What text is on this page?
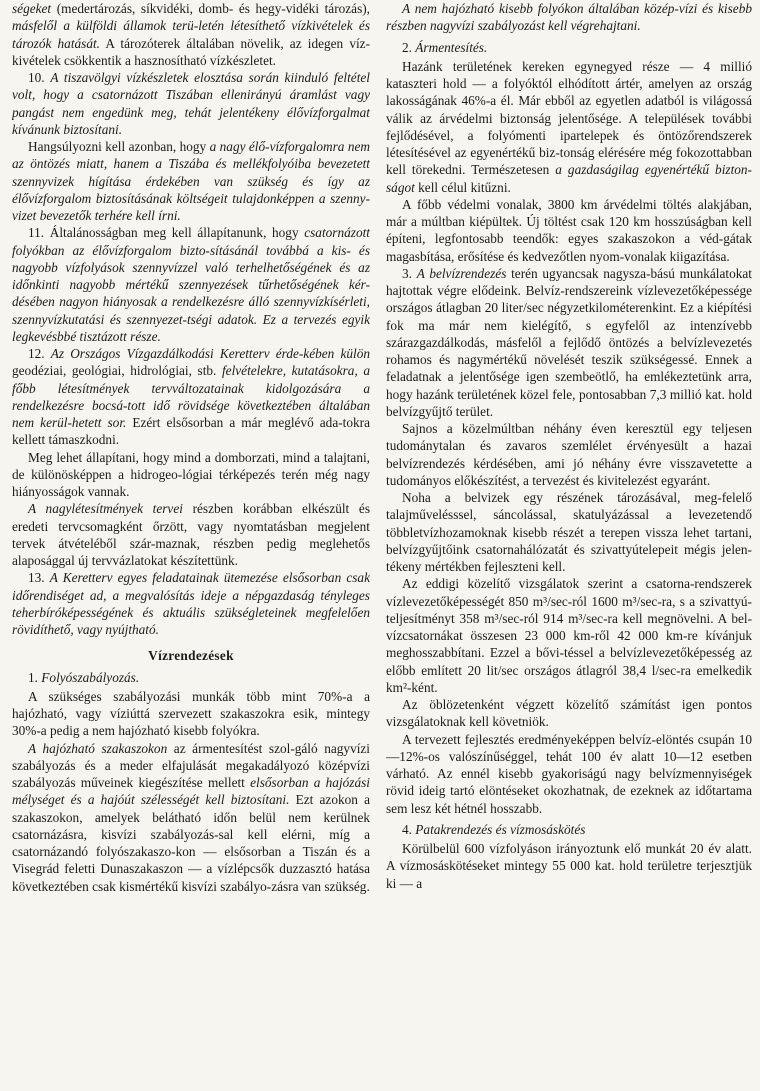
ségeket (medertározás, síkvidéki, domb- és hegy-vidéki tározás), másfelől a külföldi államok terü-letén létesíthető vízkivételek és tározók hatását. A tározóterek általában növelik, az idegen víz-kivételek csökkentik a hasznosítható vízkészletet.

10. A tiszavölgyi vízkészletek elosztása során kiinduló feltétel volt, hogy a csatornázott Tiszában ellenirányú áramlást vagy pangást nem engedünk meg, tehát jelentékeny élővízforgalmat kívánunk biztosítani.

Hangsúlyozni kell azonban, hogy a nagy élő-vízforgalomra nem az öntözés miatt, hanem a Tiszába és mellékfolyóiba bevezetett szennyvizek hígítása érdekében van szükség és így az élővízforgalom biztosításának költségeit tulajdonképpen a szenny-vizet bevezetők terhére kell írni.

11. Általánosságban meg kell állapítanunk, hogy csatornázott folyókban az élővízforgalom bizto-sításánál továbbá a kis- és nagyobb vízfolyások szennyvízzel való terhelhetőségének és az időnkinti nagyobb mértékű szennyezések tűrhetőségének kér-désében nagyon hiányosak a rendelkezésre álló szennyvízkísérleti, szennyvízkutatási és szennyezet-tségi adatok. Ez a tervezés egyik legkevésbbé tisztázott része.

12. Az Országos Vízgazdálkodási Keretterv érde-kében külön geodéziai, geológiai, hidrológiai, stb. felvételekre, kutatásokra, a főbb létesítmények tervváltozatainak kidolgozására a rendelkezésre bocsá-tott idő rövidsége következtében általában nem kerül-hetett sor. Ezért elsősorban a már meglévő ada-tokra kellett támaszkodni.

Meg lehet állapítani, hogy mind a domborzati, mind a talajtani, de különösképpen a hidrogeo-lógiai térképezés terén még nagy hiányosságok vannak.

A nagylétesítmények tervei részben korábban elkészült és eredeti tervcsomagként őrzött, vagy nyomtatásban megjelent tervek átvételéből szár-maznak, részben pedig meglehetős alaposággal új tervvázlatokat készítettünk.

13. A Keretterv egyes feladatainak ütemezése elsősorban csak időrendiséget ad, a megvalósítás ideje a népgazdaság tényleges teherbíróképességének és aktuális szükségleteinek megfelelően rövidíthető, vagy nyújtható.

Vízrendezések

1. Folyószabályozás.

A szükséges szabályozási munkák több mint 70%-a a hajózható, vagy víziúttá szervezett szakaszokra esik, mintegy 30%-a pedig a nem hajózható kisebb folyókra.

A hajózható szakaszokon az ármentesítést szol-gáló nagyvízi szabályozás és a meder elfajulását megakadályozó középvízi szabályozás műveinek kiegészítése mellett elsősorban a hajózási mélységet és a hajóút szélességét kell biztosítani. Ezt azokon a szakaszokon, amelyek belátható időn belül nem kerülnek csatornázásra, kisvízi szabályozás-sal kell elérni, míg a csatornázandó folyószakaszo-kon — elsősorban a Tiszán és a Visegrád feletti Dunaszakaszon — a vízlépcsők duzzasztó hatása következtében csak kismértékű kisvízi szabályo-zásra van szükség.

A nem hajózható kisebb folyókon általában közép-vízi és kisebb részben nagyvízi szabályozást kell végrehajtani.

2. Ármentesítés.

Hazánk területének kereken egynegyed része — 4 millió kataszteri hold — a folyóktól elhódított ártér, amelyen az ország lakosságának 46%-a él. Már ebből az egyetlen adatból is világossá válik az árvédelmi biztonság jelentősége. A települések további fejlődésével, a folyómenti ipartelepek és öntözőrendszerek létesítésével az egyenértékű biz-tonság elérésére még fokozottabban kell törekedni. Természetesen a gazdaságilag egyenértékű bizton-ságot kell célul kitűzni.

A főbb védelmi vonalak, 3800 km árvédelmi töltés alakjában, már a múltban kiépültek. Új töltést csak 120 km hosszúságban kell építeni, legfontosabb teendők: egyes szakaszokon a véd-gátak magasbítása, erősítése és kedvezőtlen nyom-vonalak kiigazítása.

3. A belvízrendezés terén ugyancsak nagysza-bású munkálatokat hajtottak végre elődeink. Belvíz-rendszereink vízlevezetőképessége országos átlagban 20 liter/sec négyzetkilométerenkint. Ez a kiépítési fok ma már nem kielégítő, s egyfelől az intenzívebb szárazgazdálkodás, másfelől a fejlődő öntözés a belvízlevezetés rohamos és nagymértékű növelését teszik szükségessé. Ennek a feladatnak a jelentősége igen szembeötlő, ha emlékeztetünk arra, hogy hazánk területének közel fele, pontosabban 7,3 millió kat. hold belvízgyűjtő terület.

Sajnos a közelmúltban néhány éven keresztül egy teljesen tudománytalan és zavaros szemlélet érvényesült a hazai belvízrendezés kérdésében, ami jó néhány évre visszavetette a tudományos előkészítést, a tervezést és kivitelezést egyaránt.

Noha a belvizek egy részének tározásával, meg-felelő talajművelésssel, sáncolással, skatulyázással a levezetendő többletvízhozamoknak kisebb részét a terepen vissza lehet tartani, belvízgyűjtőink csatornahálózatát és szivattyútelepeit mégis jelen-tékeny mértékben fejleszteni kell.

Az eddigi közelítő vizsgálatok szerint a csatorna-rendszerek vízlevezetőképességét 850 m³/sec-ról 1600 m³/sec-ra, s a szivattyú-teljesítményt 358 m³/sec-ról 914 m³/sec-ra kell megnövelni. A bel-vízcsatornákat összesen 23 000 km-ről 42 000 km-re kívánjuk meghosszabbítani. Ezzel a bővi-téssel a belvízlevezetőképesség az előbb említett 20 lit/sec országos átlagról 38,4 l/sec-ra emelkedik km²-ként.

Az öblözetenként végzett közelítő számítást igen pontos vizsgálatoknak kell követniök.

A tervezett fejlesztés eredményeképpen belvíz-elöntés csupán 10—12%-os valószínűséggel, tehát 100 év alatt 10—12 esetben várható. Az ennél kisebb gyakoriságú nagy belvízmennyiségek rövid ideig tartó elöntéseket okozhatnak, de ezeknek az időtartama sem lesz két hétnél hosszabb.

4. Patakrendezés és vízmosáskötés

Körülbelül 600 vízfolyáson irányoztunk elő munkát 20 év alatt. A vízmosáskötéseket mintegy 55 000 kat. hold területre terjesztjük ki — a
